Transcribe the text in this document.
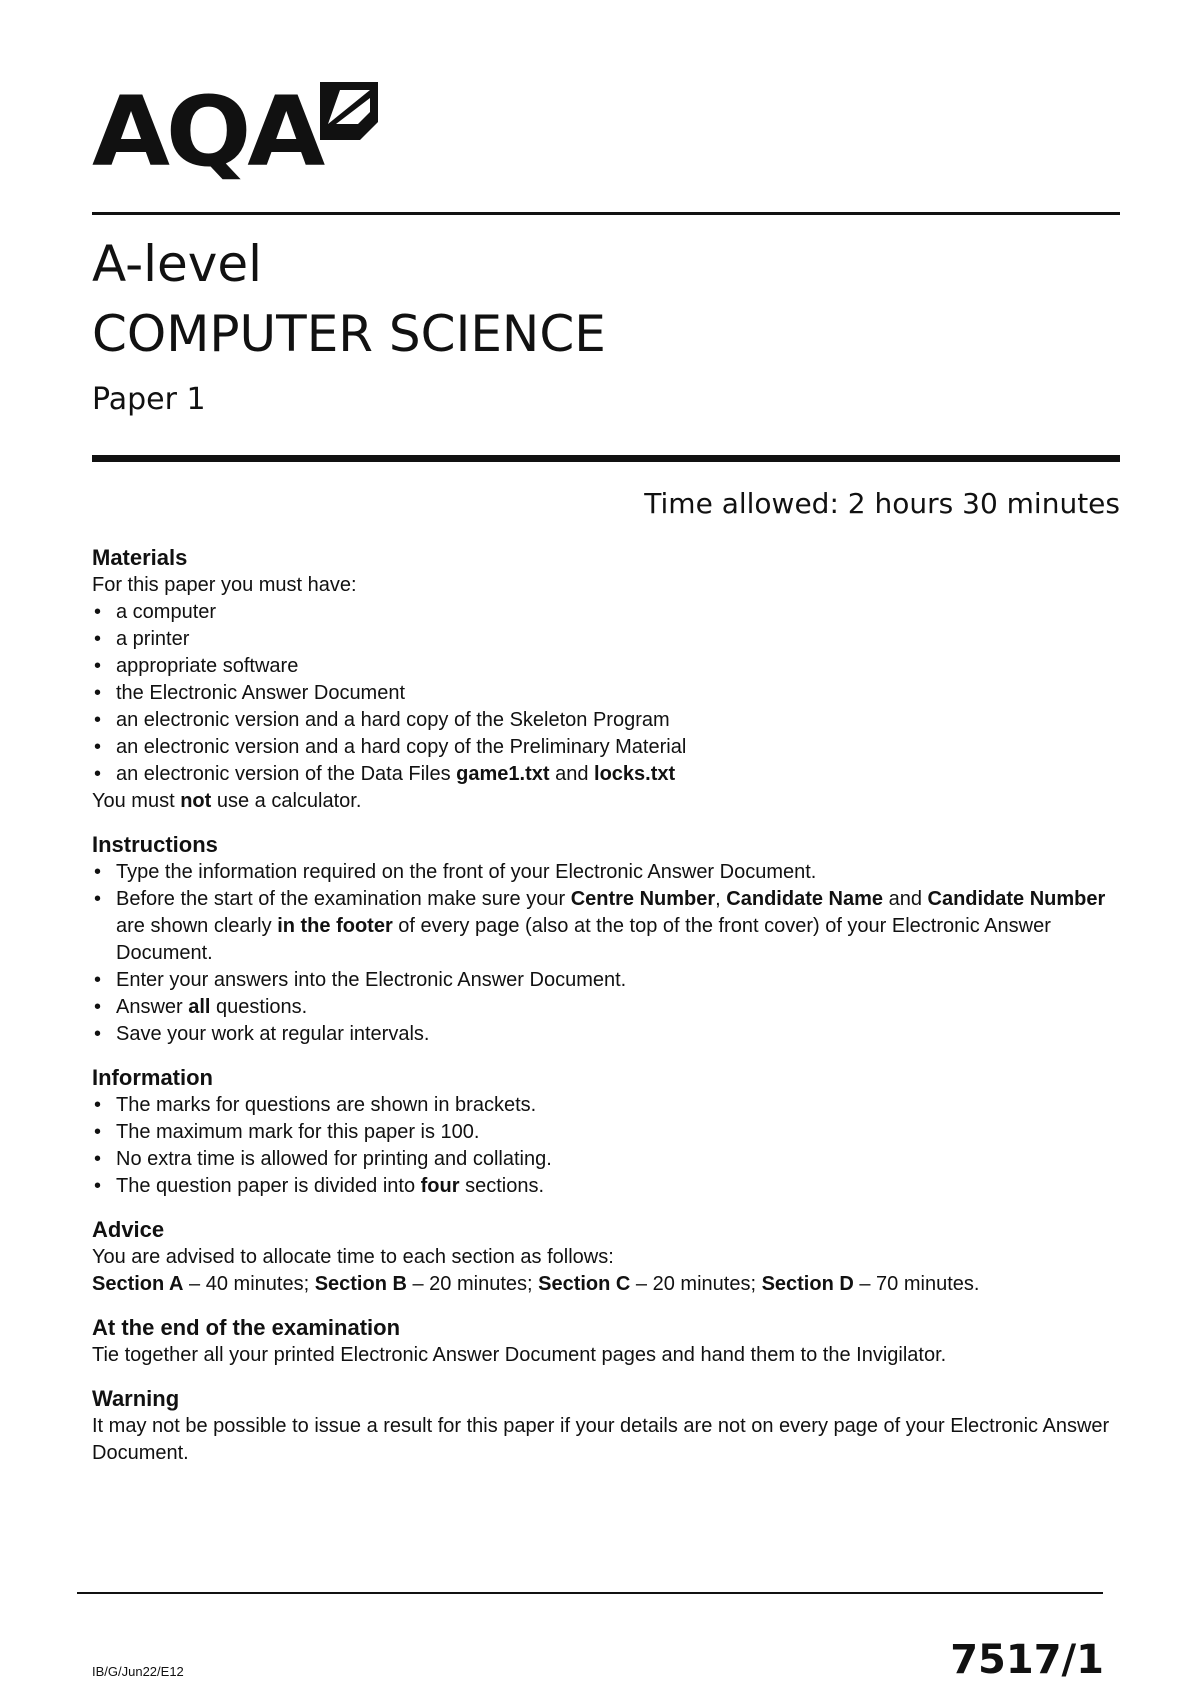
AQA
A-level
COMPUTER SCIENCE
Paper 1
Time allowed: 2 hours 30 minutes
Materials

For this paper you must have:

• a computer
• a printer
• appropriate software
• the Electronic Answer Document
• an electronic version and a hard copy of the Skeleton Program
• an electronic version and a hard copy of the Preliminary Material
• an electronic version of the Data Files game1.txt and locks.txt

You must not use a calculator.

Instructions
• Type the information required on the front of your Electronic Answer Document.
• Before the start of the examination make sure your Centre Number, Candidate Name and Candidate Number are shown clearly in the footer of every page (also at the top of the front cover) of your Electronic Answer Document.
• Enter your answers into the Electronic Answer Document.
• Answer all questions.
• Save your work at regular intervals.
Information
• The marks for questions are shown in brackets.
• The maximum mark for this paper is 100.
• No extra time is allowed for printing and collating.
• The question paper is divided into four sections.
Advice

You are advised to allocate time to each section as follows:

Section A – 40 minutes; Section B – 20 minutes; Section C – 20 minutes; Section D – 70 minutes.

At the end of the examination

Tie together all your printed Electronic Answer Document pages and hand them to the Invigilator.

Warning

It may not be possible to issue a result for this paper if your details are not on every page of your Electronic Answer Document.

IB/G/Jun22/E12	7517/1
